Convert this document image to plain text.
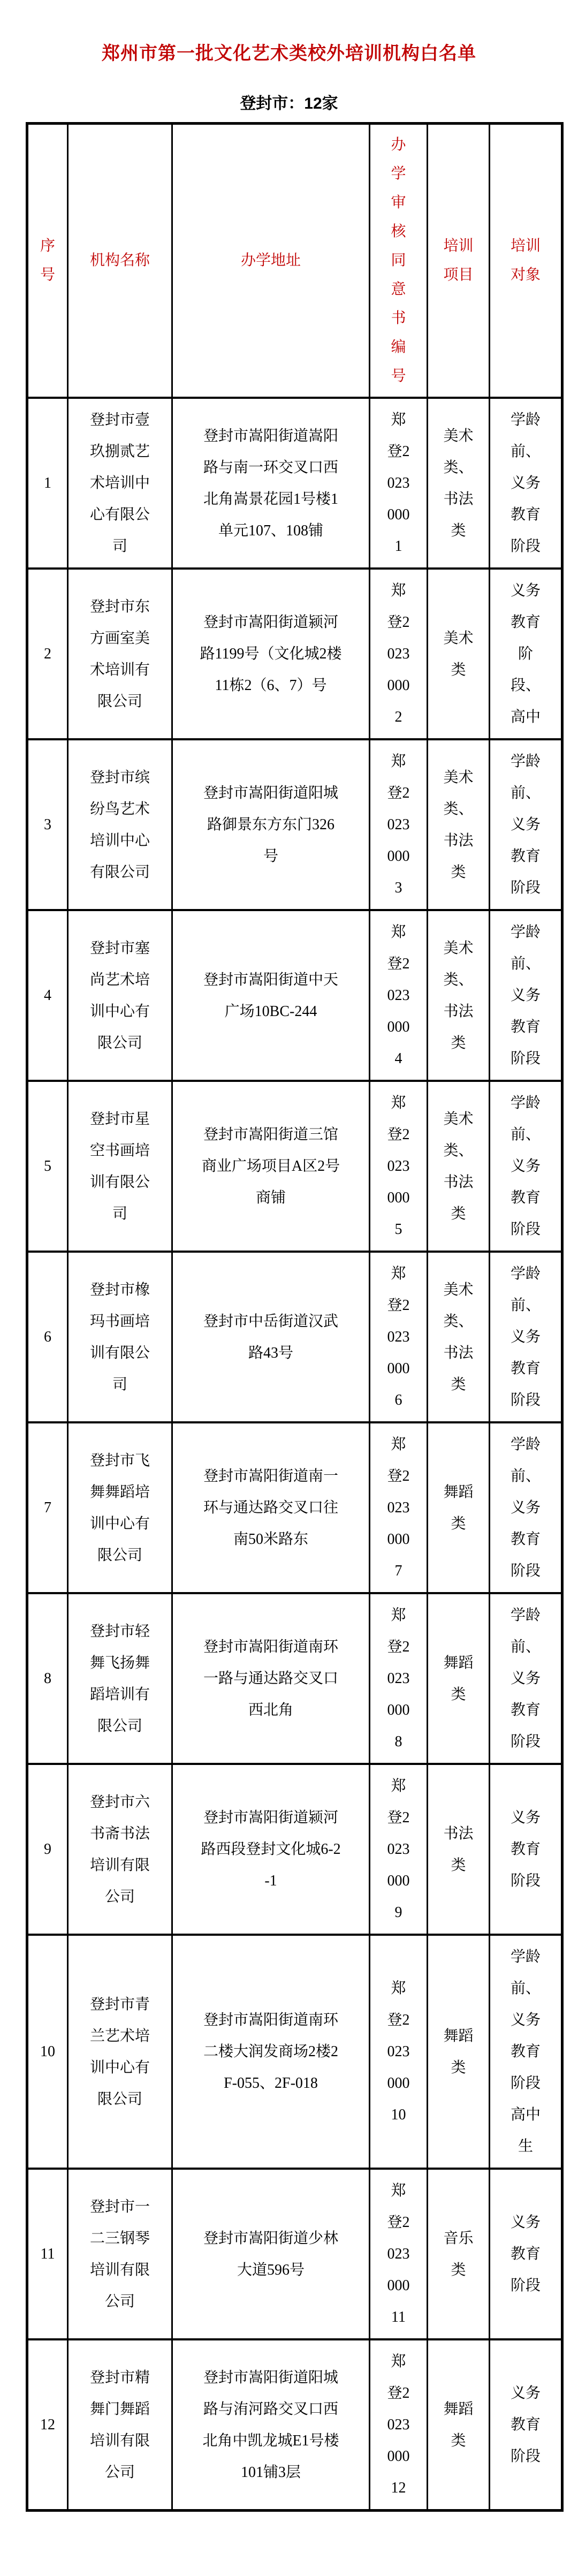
郑州市第一批文化艺术类校外培训机构白名单
登封市：12家
序号	机构名称	办学地址	办学审核同意书编号	培训项目	培训对象

1	登封市壹玖捌贰艺术培训中心有限公司	登封市嵩阳街道嵩阳路与南一环交叉口西北角嵩景花园1号楼1单元107、108铺	郑登20230001	美术类、书法类	学龄前、义务教育阶段

2	登封市东方画室美术培训有限公司	登封市嵩阳街道颍河路1199号（文化城2楼11栋2（6、7）号	郑登20230002	美术类	义务教育阶段、高中

3	登封市缤纷鸟艺术培训中心有限公司	登封市嵩阳街道阳城路御景东方东门326号	郑登20230003	美术类、书法类	学龄前、义务教育阶段

4	登封市塞尚艺术培训中心有限公司	登封市嵩阳街道中天广场10BC-244	郑登20230004	美术类、书法类	学龄前、义务教育阶段

5	登封市星空书画培训有限公司	登封市嵩阳街道三馆商业广场项目A区2号商铺	郑登20230005	美术类、书法类	学龄前、义务教育阶段

6	登封市橡玛书画培训有限公司	登封市中岳街道汉武路43号	郑登20230006	美术类、书法类	学龄前、义务教育阶段

7	登封市飞舞舞蹈培训中心有限公司	登封市嵩阳街道南一环与通达路交叉口往南50米路东	郑登20230007	舞蹈类	学龄前、义务教育阶段

8	登封市轻舞飞扬舞蹈培训有限公司	登封市嵩阳街道南环一路与通达路交叉口西北角	郑登20230008	舞蹈类	学龄前、义务教育阶段

9	登封市六书斋书法培训有限公司	登封市嵩阳街道颍河路西段登封文化城6-2-1	郑登20230009	书法类	义务教育阶段

10	登封市青兰艺术培训中心有限公司	登封市嵩阳街道南环二楼大润发商场2楼2F-055、2F-018	郑登202300010	舞蹈类	学龄前、义务教育阶段高中生

11	登封市一二三钢琴培训有限公司	登封市嵩阳街道少林大道596号	郑登202300011	音乐类	义务教育阶段

12	登封市精舞门舞蹈培训有限公司	登封市嵩阳街道阳城路与洧河路交叉口西北角中凯龙城E1号楼101铺3层	郑登202300012	舞蹈类	义务教育阶段
